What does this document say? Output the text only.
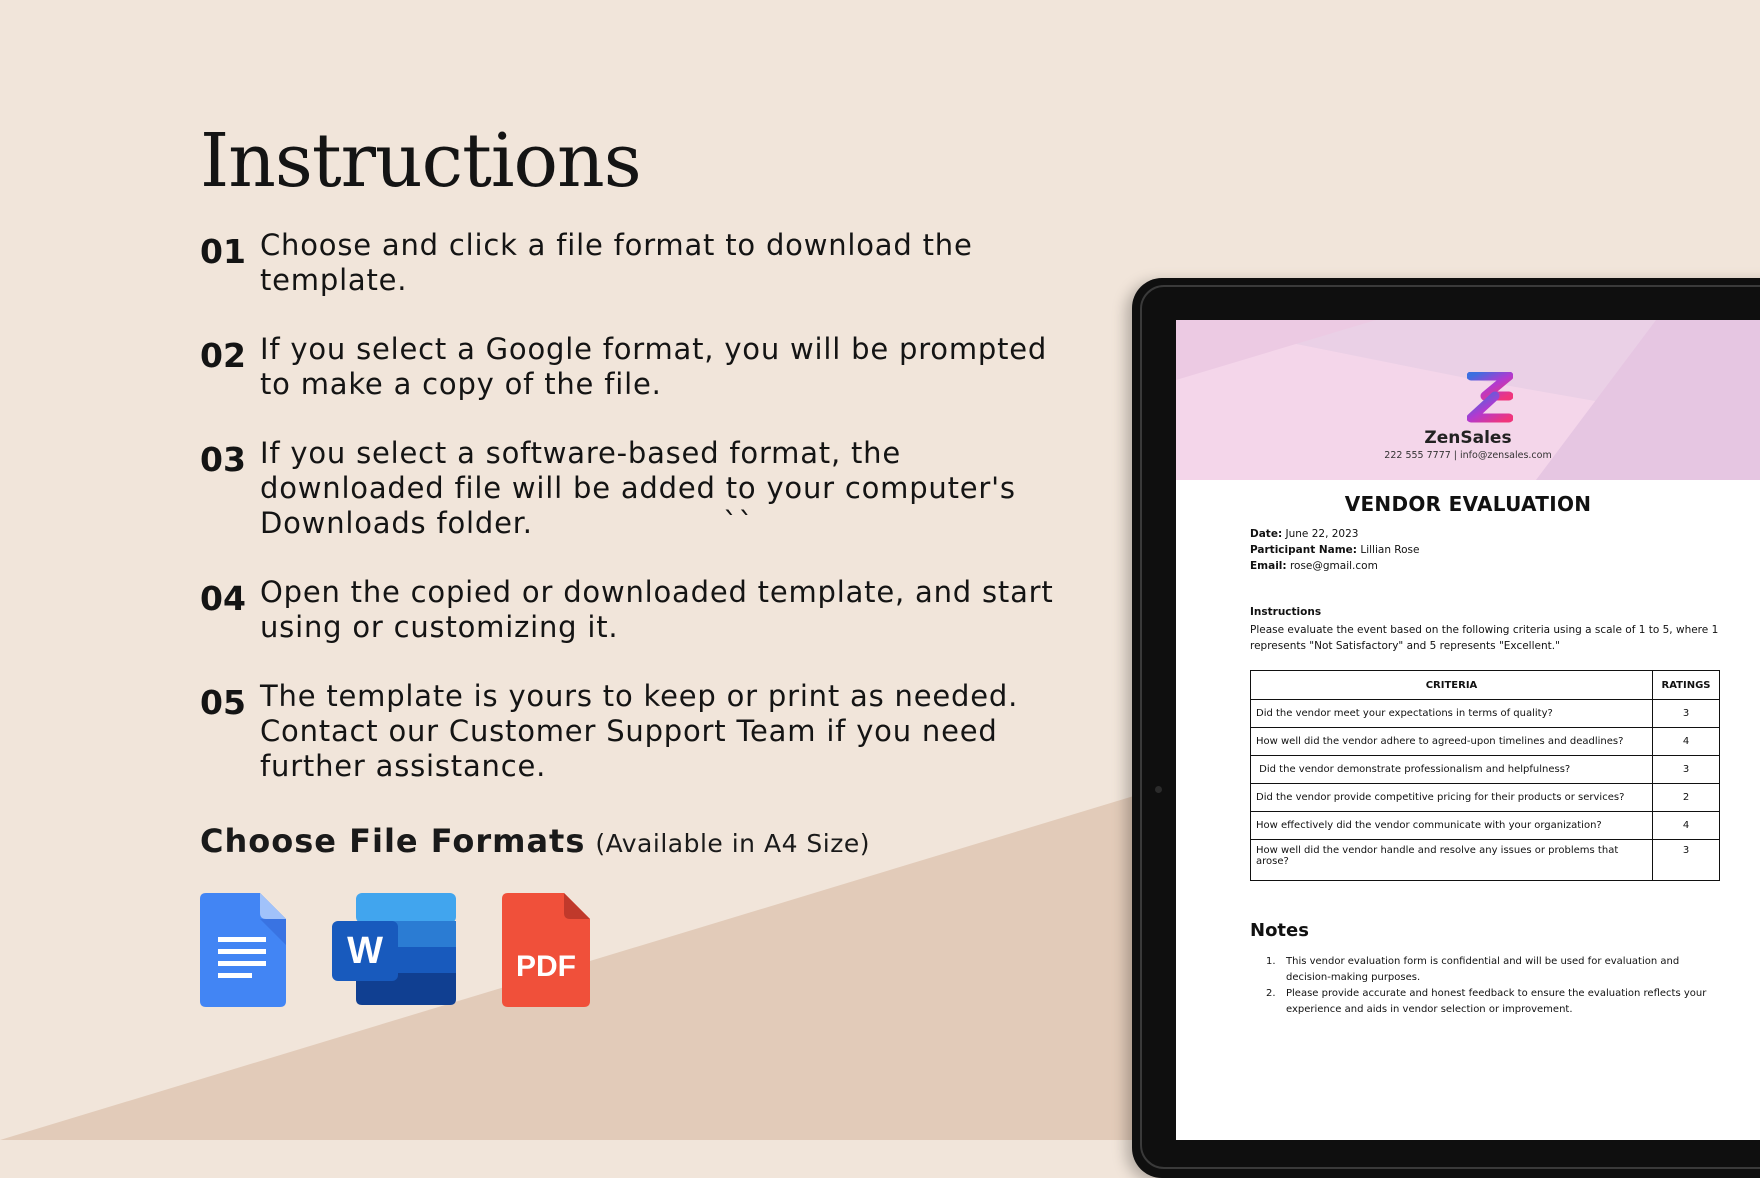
Instructions
01 Choose and click a file format to download the
template.
02 If you select a Google format, you will be prompted
to make a copy of the file.
03 If you select a software-based format, the
downloaded file will be added to your computer's
Downloads folder.                   ``
04 Open the copied or downloaded template, and start
using or customizing it.
05 The template is yours to keep or print as needed.
Contact our Customer Support Team if you need
further assistance.
Choose File Formats (Available in A4 Size)
W	PDF
ZenSales
222 555 7777 | info@zensales.com
VENDOR EVALUATION
Date: June 22, 2023
Participant Name: Lillian Rose
Email: rose@gmail.com
Instructions
Please evaluate the event based on the following criteria using a scale of 1 to 5, where 1 represents "Not Satisfactory" and 5 represents "Excellent."
CRITERIA	RATINGS
Did the vendor meet your expectations in terms of quality?	3
How well did the vendor adhere to agreed-upon timelines and deadlines?	4
Did the vendor demonstrate professionalism and helpfulness?	3
Did the vendor provide competitive pricing for their products or services?	2
How effectively did the vendor communicate with your organization?	4
How well did the vendor handle and resolve any issues or problems that arose?	3
Notes
1.	This vendor evaluation form is confidential and will be used for evaluation and decision-making purposes.
2.	Please provide accurate and honest feedback to ensure the evaluation reflects your experience and aids in vendor selection or improvement.
